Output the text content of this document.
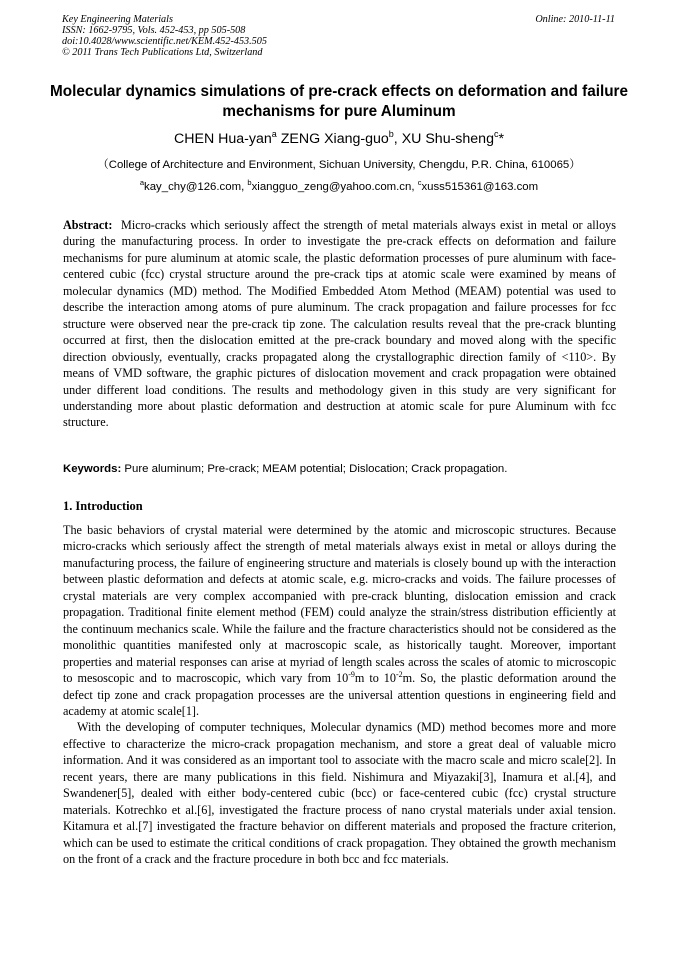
Key Engineering Materials
ISSN: 1662-9795, Vols. 452-453, pp 505-508
doi:10.4028/www.scientific.net/KEM.452-453.505
© 2011 Trans Tech Publications Ltd, Switzerland
Online: 2010-11-11
Molecular dynamics simulations of pre-crack effects on deformation and failure mechanisms for pure Aluminum
CHEN Hua-yan$^a$ ZENG Xiang-guo$^b$, XU Shu-sheng$^c$*
（College of Architecture and Environment, Sichuan University, Chengdu, P.R. China, 610065）
$^a$kay_chy@126.com, $^b$xiangguo_zeng@yahoo.com.cn, $^c$xuss515361@163.com
Abstract: Micro-cracks which seriously affect the strength of metal materials always exist in metal or alloys during the manufacturing process. In order to investigate the pre-crack effects on deformation and failure mechanisms for pure aluminum at atomic scale, the plastic deformation processes of pure aluminum with face-centered cubic (fcc) crystal structure around the pre-crack tips at atomic scale were examined by means of molecular dynamics (MD) method. The Modified Embedded Atom Method (MEAM) potential was used to describe the interaction among atoms of pure aluminum. The crack propagation and failure processes for fcc structure were observed near the pre-crack tip zone. The calculation results reveal that the pre-crack blunting occurred at first, then the dislocation emitted at the pre-crack boundary and moved along with the specific direction obviously, eventually, cracks propagated along the crystallographic direction family of <110>. By means of VMD software, the graphic pictures of dislocation movement and crack propagation were obtained under different load conditions. The results and methodology given in this study are very significant for understanding more about plastic deformation and destruction at atomic scale for pure Aluminum with fcc structure.
Keywords: Pure aluminum; Pre-crack; MEAM potential; Dislocation; Crack propagation.
1. Introduction

The basic behaviors of crystal material were determined by the atomic and microscopic structures. Because micro-cracks which seriously affect the strength of metal materials always exist in metal or alloys during the manufacturing process, the failure of engineering structure and materials is closely bound up with the interaction between plastic deformation and defects at atomic scale, e.g. micro-cracks and voids. The failure processes of crystal materials are very complex accompanied with pre-crack blunting, dislocation emission and crack propagation. Traditional finite element method (FEM) could analyze the strain/stress distribution efficiently at the continuum mechanics scale. While the failure and the fracture characteristics should not be considered as the monolithic quantities manifested only at macroscopic scale, as historically taught. Moreover, important properties and material responses can arise at myriad of length scales across the scales of atomic to microscopic to mesoscopic and to macroscopic, which vary from $10^{-9}m$ to $10^{-2}m$. So, the plastic deformation around the defect tip zone and crack propagation processes are the universal attention questions in engineering field and academy at atomic scale[1].

With the developing of computer techniques, Molecular dynamics (MD) method becomes more and more effective to characterize the micro-crack propagation mechanism, and store a great deal of valuable micro information. And it was considered as an important tool to associate with the macro scale and micro scale[2]. In recent years, there are many publications in this field. Nishimura and Miyazaki[3], Inamura et al.[4], and Swandener[5], dealed with either body-centered cubic (bcc) or face-centered cubic (fcc) crystal structure materials. Kotrechko et al.[6], investigated the fracture process of nano crystal materials under axial tension. Kitamura et al.[7] investigated the fracture behavior on different materials and proposed the fracture criterion, which can be used to estimate the critical conditions of crack propagation. They obtained the growth mechanism on the front of a crack and the fracture procedure in both bcc and fcc materials.
